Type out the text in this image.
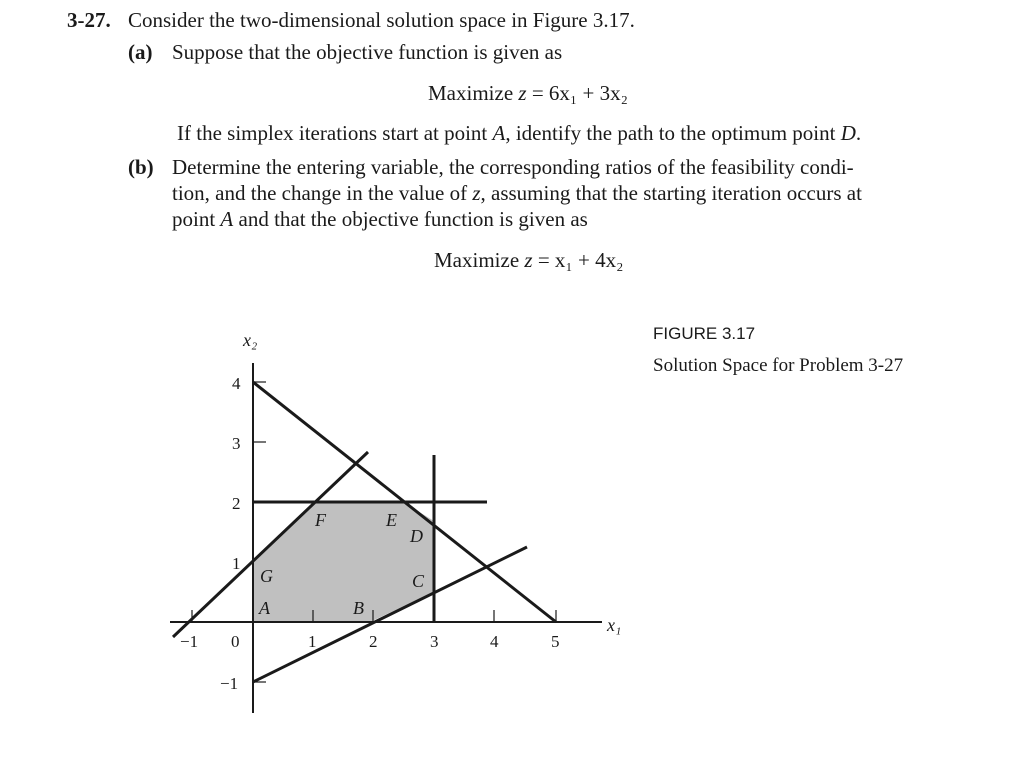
3-27. Consider the two-dimensional solution space in Figure 3.17.
(a) Suppose that the objective function is given as
Maximize z = 6x₁ + 3x₂
If the simplex iterations start at point A, identify the path to the optimum point D.
(b) Determine the entering variable, the corresponding ratios of the feasibility condi-
tion, and the change in the value of z, assuming that the starting iteration occurs at
point A and that the objective function is given as
Maximize z = x₁ + 4x₂
FIGURE 3.17
Solution Space for Problem 3-27
x₂
x₁
−1 0	1	2	3	4	5
4
3
2
1
−1
A	B
C
D
E
F
G
